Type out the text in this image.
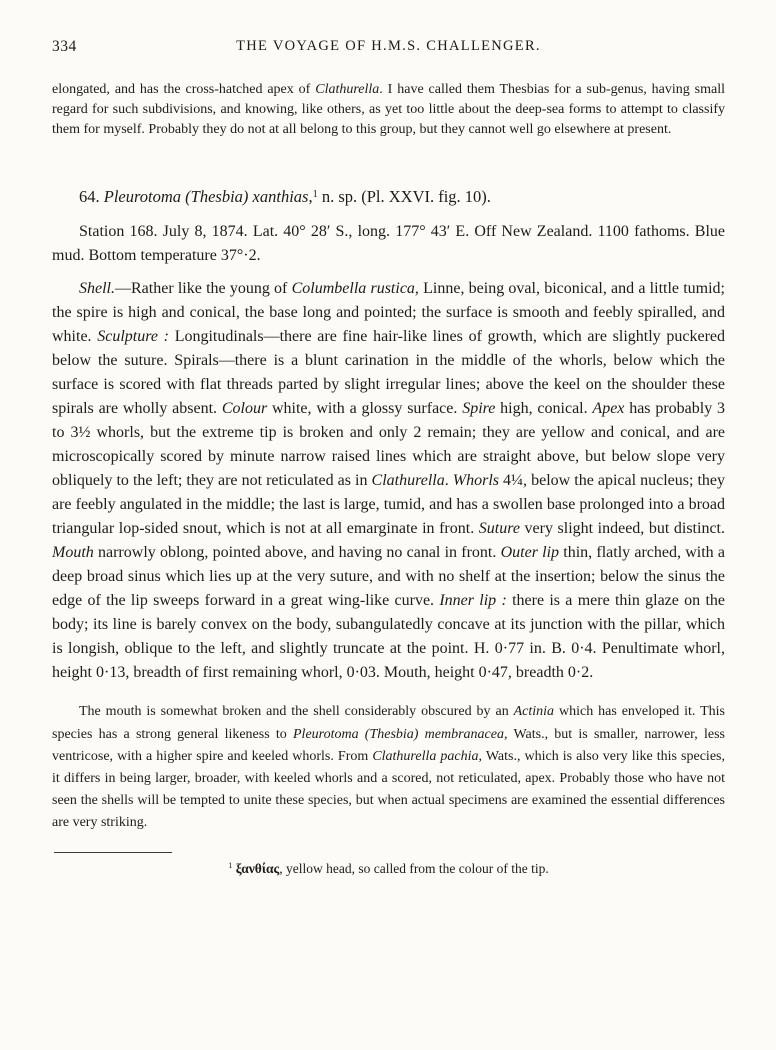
334	THE VOYAGE OF H.M.S. CHALLENGER.

elongated, and has the cross-hatched apex of Clathurella. I have called them Thesbias for a sub-genus, having small regard for such subdivisions, and knowing, like others, as yet too little about the deep-sea forms to attempt to classify them for myself. Probably they do not at all belong to this group, but they cannot well go elsewhere at present.

64. Pleurotoma (Thesbia) xanthias,$^1$ n. sp. (Pl. XXVI. fig. 10).

Station 168. July 8, 1874. Lat. 40° 28′ S., long. 177° 43′ E. Off New Zealand. 1100 fathoms. Blue mud. Bottom temperature 37°·2.

Shell.—Rather like the young of Columbella rustica, Linne, being oval, biconical, and a little tumid; the spire is high and conical, the base long and pointed; the surface is smooth and feebly spiralled, and white. Sculpture : Longitudinals—there are fine hair-like lines of growth, which are slightly puckered below the suture. Spirals—there is a blunt carination in the middle of the whorls, below which the surface is scored with flat threads parted by slight irregular lines; above the keel on the shoulder these spirals are wholly absent. Colour white, with a glossy surface. Spire high, conical. Apex has probably 3 to 3½ whorls, but the extreme tip is broken and only 2 remain; they are yellow and conical, and are microscopically scored by minute narrow raised lines which are straight above, but below slope very obliquely to the left; they are not reticulated as in Clathurella. Whorls 4¼, below the apical nucleus; they are feebly angulated in the middle; the last is large, tumid, and has a swollen base prolonged into a broad triangular lop-sided snout, which is not at all emarginate in front. Suture very slight indeed, but distinct. Mouth narrowly oblong, pointed above, and having no canal in front. Outer lip thin, flatly arched, with a deep broad sinus which lies up at the very suture, and with no shelf at the insertion; below the sinus the edge of the lip sweeps forward in a great wing-like curve. Inner lip : there is a mere thin glaze on the body; its line is barely convex on the body, subangulatedly concave at its junction with the pillar, which is longish, oblique to the left, and slightly truncate at the point. H. 0·77 in. B. 0·4. Penultimate whorl, height 0·13, breadth of first remaining whorl, 0·03. Mouth, height 0·47, breadth 0·2.

The mouth is somewhat broken and the shell considerably obscured by an Actinia which has enveloped it. This species has a strong general likeness to Pleurotoma (Thesbia) membranacea, Wats., but is smaller, narrower, less ventricose, with a higher spire and keeled whorls. From Clathurella pachia, Wats., which is also very like this species, it differs in being larger, broader, with keeled whorls and a scored, not reticulated, apex. Probably those who have not seen the shells will be tempted to unite these species, but when actual specimens are examined the essential differences are very striking.

$^1$ ξανθίας, yellow head, so called from the colour of the tip.
